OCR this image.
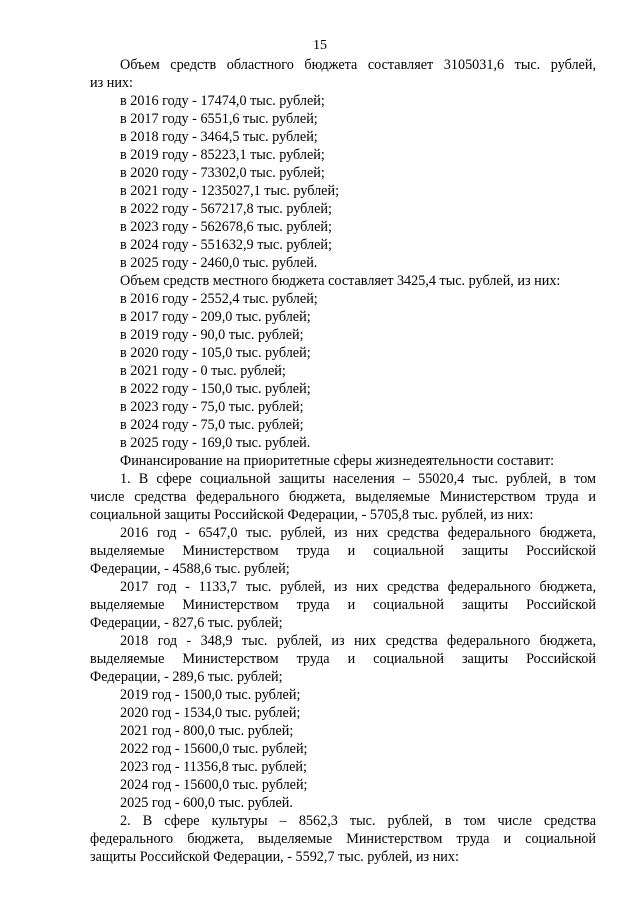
15
Объем средств областного бюджета составляет 3105031,6 тыс. рублей,
из них:
в 2016 году - 17474,0 тыс. рублей;
в 2017 году - 6551,6 тыс. рублей;
в 2018 году - 3464,5 тыс. рублей;
в 2019 году - 85223,1 тыс. рублей;
в 2020 году - 73302,0 тыс. рублей;
в 2021 году - 1235027,1 тыс. рублей;
в 2022 году - 567217,8 тыс. рублей;
в 2023 году - 562678,6 тыс. рублей;
в 2024 году - 551632,9 тыс. рублей;
в 2025 году - 2460,0 тыс. рублей.
Объем средств местного бюджета составляет 3425,4 тыс. рублей, из них:
в 2016 году - 2552,4 тыс. рублей;
в 2017 году - 209,0 тыс. рублей;
в 2019 году - 90,0 тыс. рублей;
в 2020 году - 105,0 тыс. рублей;
в 2021 году - 0 тыс. рублей;
в 2022 году - 150,0 тыс. рублей;
в 2023 году - 75,0 тыс. рублей;
в 2024 году - 75,0 тыс. рублей;
в 2025 году - 169,0 тыс. рублей.
Финансирование на приоритетные сферы жизнедеятельности составит:
1. В сфере социальной защиты населения – 55020,4 тыс. рублей, в том
числе средства федерального бюджета, выделяемые Министерством труда и
социальной защиты Российской Федерации, - 5705,8 тыс. рублей, из них:
2016 год - 6547,0 тыс. рублей, из них средства федерального бюджета,
выделяемые Министерством труда и социальной защиты Российской
Федерации, - 4588,6 тыс. рублей;
2017 год - 1133,7 тыс. рублей, из них средства федерального бюджета,
выделяемые Министерством труда и социальной защиты Российской
Федерации, - 827,6 тыс. рублей;
2018 год - 348,9 тыс. рублей, из них средства федерального бюджета,
выделяемые Министерством труда и социальной защиты Российской
Федерации, - 289,6 тыс. рублей;
2019 год - 1500,0 тыс. рублей;
2020 год - 1534,0 тыс. рублей;
2021 год - 800,0 тыс. рублей;
2022 год - 15600,0 тыс. рублей;
2023 год - 11356,8 тыс. рублей;
2024 год - 15600,0 тыс. рублей;
2025 год - 600,0 тыс. рублей.
2. В сфере культуры – 8562,3 тыс. рублей, в том числе средства
федерального бюджета, выделяемые Министерством труда и социальной
защиты Российской Федерации, - 5592,7 тыс. рублей, из них:
